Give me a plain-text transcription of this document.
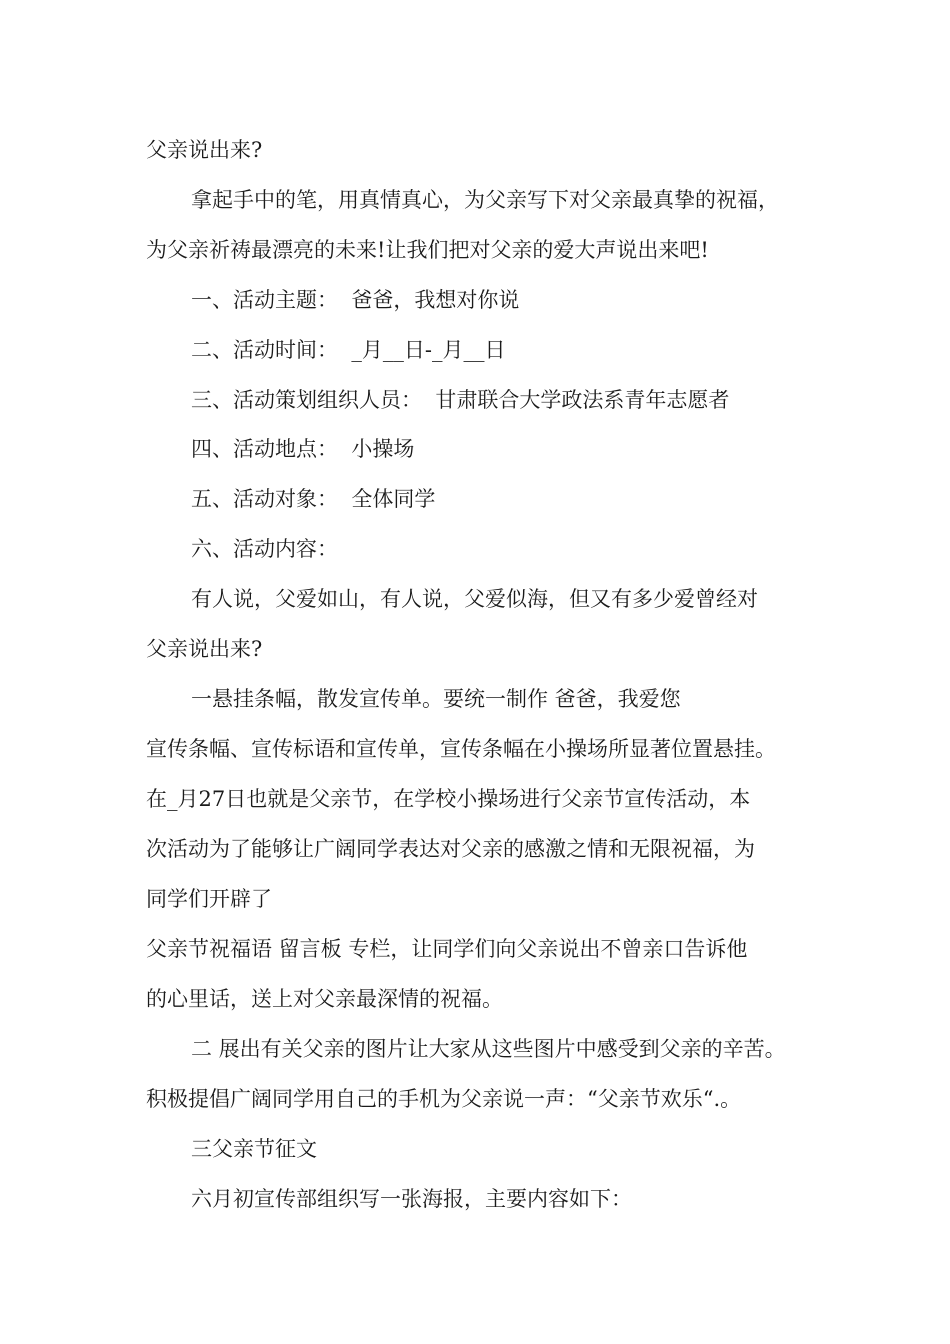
父亲说出来?
拿起手中的笔，用真情真心，为父亲写下对父亲最真挚的祝福，
为父亲祈祷最漂亮的未来!让我们把对父亲的爱大声说出来吧!
一、活动主题：  爸爸，我想对你说
二、活动时间：  _月__日-_月__日
三、活动策划组织人员：  甘肃联合大学政法系青年志愿者
四、活动地点：  小操场
五、活动对象：  全体同学
六、活动内容：
有人说，父爱如山，有人说，父爱似海，但又有多少爱曾经对
父亲说出来?
一悬挂条幅，散发宣传单。要统一制作 爸爸，我爱您
宣传条幅、宣传标语和宣传单，宣传条幅在小操场所显著位置悬挂。
在_月27日也就是父亲节，在学校小操场进行父亲节宣传活动，本
次活动为了能够让广阔同学表达对父亲的感激之情和无限祝福，为
同学们开辟了
父亲节祝福语 留言板 专栏，让同学们向父亲说出不曾亲口告诉他
的心里话，送上对父亲最深情的祝福。
二 展出有关父亲的图片让大家从这些图片中感受到父亲的辛苦。
积极提倡广阔同学用自己的手机为父亲说一声：“父亲节欢乐“.。
三父亲节征文
六月初宣传部组织写一张海报，主要内容如下：
